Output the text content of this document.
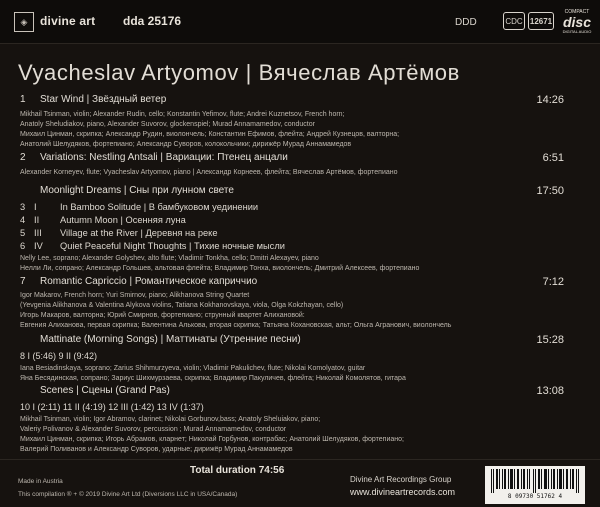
◈	divine art dda 25176	DDD	CDC 12671
COMPACT
disc
DIGITAL AUDIO
Vyacheslav Artyomov | Вячеслав Артёмов
1	Star Wind | Звёздный ветер	14:26
Mikhail Tsinman, violin; Alexander Rudin, cello; Konstantin Yefimov, flute; Andrei Kuznetsov, French horn;
Anatoly Sheludiakov, piano, Alexander Suvorov, glockenspiel; Murad Annamamedov, conductor
Михаил Цинман, скрипка; Александр Рудин, виолончель; Константин Ефимов, флейта; Андрей Кузнецов, валторна;
Анатолий Шелудяков, фортепиано; Александр Суворов, колокольчики; дирижёр Мурад Аннамамедов
2	Variations: Nestling Antsali | Вариации: Птенец анцали	6:51
Alexander Korneyev, flute; Vyacheslav Artyomov, piano | Александр Корнеев, флейта; Вячеслав Артёмов, фортепиано
Moonlight Dreams | Сны при лунном свете	17:50
3 I	In Bamboo Solitude | В бамбуковом уединении
4 II	Autumn Moon | Осенняя луна
5 III	Village at the River | Деревня на реке
6 IV	Quiet Peaceful Night Thoughts | Тихие ночные мысли
Nelly Lee, soprano; Alexander Golyshev, alto flute; Vladimir Tonkha, cello; Dmitri Alexayev, piano
Нелли Ли, сопрано; Александр Гольшев, альтовая флейта; Владимир Тонха, виолончель; Дмитрий Алексеев, фортепиано
7	Romantic Capriccio | Романтическое каприччио	7:12
Igor Makarov, French horn; Yuri Smirnov, piano; Alikhanova String Quartet
(Yevgenia Alikhanova & Valentina Alykova violins, Tatiana Kokhanovskaya, viola, Olga Kokzhayan, cello)
Игорь Макаров, валторна; Юрий Смирнов, фортепиано; струнный квартет Алихановой:
Евгения Алиханова, первая скрипка; Валентина Алькова, вторая скрипка; Татьяна Кохановская, альт; Ольга Агранович, виолончель
Mattinate (Morning Songs) | Маттинаты (Утренние песни)	15:28
8 I (5:46) 9 II (9:42)
Iana Besiadinskaya, soprano; Zarius Shihmurzyeva, violin; Vladimir Pakulichev, flute; Nikolai Komolyatov, guitar
Яна Бесядинская, сопрано; Зариус Шихмурзаева, скрипка; Владимир Пакуличев, флейта; Николай Комолятов, гитара
Scenes | Сцены (Grand Pas)	13:08
10 I (2:11) 11 II (4:19) 12 III (1:42) 13 IV (1:37)
Mikhail Tsinman, violin; Igor Abramov, clarinet; Nikolai Gorbunov,bass; Anatoly Sheluiakov, piano;
Valeriy Polivanov & Alexander Suvorov, percussion ; Murad Annamamedov, conductor
Михаил Цинман, скрипка; Игорь Абрамов, кларнет; Николай Горбунов, контрабас; Анатолий Шелудяков, фортепиано;
Валерий Поливанов и Александр Суворов, ударные; дирижёр Мурад Аннамамедов
Total duration 74:56
Made in Austria
This compilation ® + © 2019 Divine Art Ltd (Diversions LLC in USA/Canada)
Divine Art Recordings Group
www.divineartrecords.com	8 09730 51762 4
